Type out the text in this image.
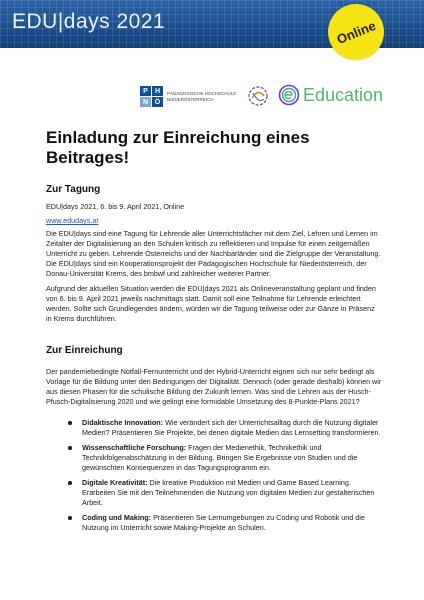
EDU|days 2021	Online
P	H
N Ö
PÄDAGOGISCHE HOCHSCHULE NIEDERÖSTERREICH	Education
Einladung zur Einreichung eines Beitrages!
Zur Tagung

EDU|days 2021, 6. bis 9. April 2021, Online

www.edudays.at

Die EDU|days sind eine Tagung für Lehrende aller Unterrichtsfächer mit dem Ziel, Lehren und Lernen im Zeitalter der Digitalisierung an den Schulen kritisch zu reflektieren und Impulse für einen zeitgemäßen Unterricht zu geben. Lehrende Österreichs und der Nachbarländer sind die Zielgruppe der Veranstaltung. Die EDU|days sind ein Kooperationsprojekt der Pädagogischen Hochschule für Niederösterreich, der Donau-Universität Krems, des bmbwf und zahlreicher weiterer Partner.

Aufgrund der aktuellen Situation werden die EDU|days 2021 als Onlineveranstaltung geplant und finden von 6. bis 9. April 2021 jeweils nachmittags statt. Damit soll eine Teilnahme für Lehrende erleichtert werden. Sollte sich Grundlegendes ändern, würden wir die Tagung teilweise oder zur Gänze in Präsenz in Krems durchführen.

Zur Einreichung

Der pandemiebedingte Notfall-Fernunterricht und der Hybrid-Unterricht eignen sich nur sehr bedingt als Vorlage für die Bildung unter den Bedingungen der Digitalität. Dennoch (oder gerade deshalb) können wir aus diesen Phasen für die schulische Bildung der Zukunft lernen. Was sind die Lehren aus der Husch-Pfusch-Digitalisierung 2020 und wie gelingt eine formidable Umsetzung des 8-Punkte-Plans 2021?

Didaktische Innovation: Wie verändert sich der Unterrichtsalltag durch die Nutzung digitaler Medien? Präsentieren Sie Projekte, bei denen digitale Medien das Lernsetting transformieren.
Wissenschaftliche Forschung: Fragen der Medienethik, Technikethik und Technikfolgenabschätzung in der Bildung. Bringen Sie Ergebnisse von Studien und die gewünschten Konsequenzen in das Tagungsprogramm ein.
Digitale Kreativität: Die kreative Produktion mit Medien und Game Based Learning. Erarbeiten Sie mit den Teilnehmenden die Nutzung von digitalen Medien zur gestalterischen Arbeit.
Coding und Making: Präsentieren Sie Lernumgebungen zu Coding und Robotik und die Nutzung im Unterricht sowie Making-Projekte an Schulen.
